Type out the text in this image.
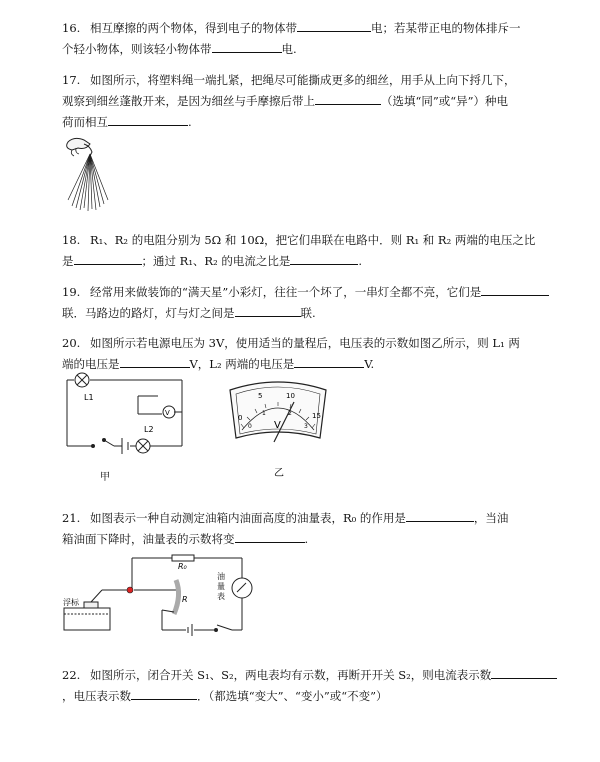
16. 相互摩擦的两个物体，得到电子的物体带	电；若某带正电的物体排斥一
个轻小物体，则该轻小物体带	电.
17. 如图所示，将塑料绳一端扎紧，把绳尽可能撕成更多的细丝，用手从上向下捋几下，
观察到细丝蓬散开来，是因为细丝与手摩擦后带上	（选填“同”或“异”）种电
荷而相互	.
18. R₁、R₂ 的电阻分别为 5Ω 和 10Ω，把它们串联在电路中．则 R₁ 和 R₂ 两端的电压之比
是	；通过 R₁、R₂ 的电流之比是	.
19. 经常用来做装饰的“满天星”小彩灯，往往一个坏了，一串灯全都不亮，它们是
联．马路边的路灯，灯与灯之间是	联.
20. 如图所示若电源电压为 3V，使用适当的量程后，电压表的示数如图乙所示，则 L₁ 两
端的电压是	V，L₂ 两端的电压是	V.
V
L1
L2
甲
0
5	10
15
0
1	2
3
V
乙
21. 如图表示一种自动测定油箱内油面高度的油量表，R₀ 的作用是	，当油
箱油面下降时，油量表的示数将变	.
R₀
R
浮标
油
量
表
22. 如图所示，闭合开关 S₁、S₂，两电表均有示数，再断开开关 S₂，则电流表示数
，电压表示数	．（都选填“变大”、“变小”或“不变”）
